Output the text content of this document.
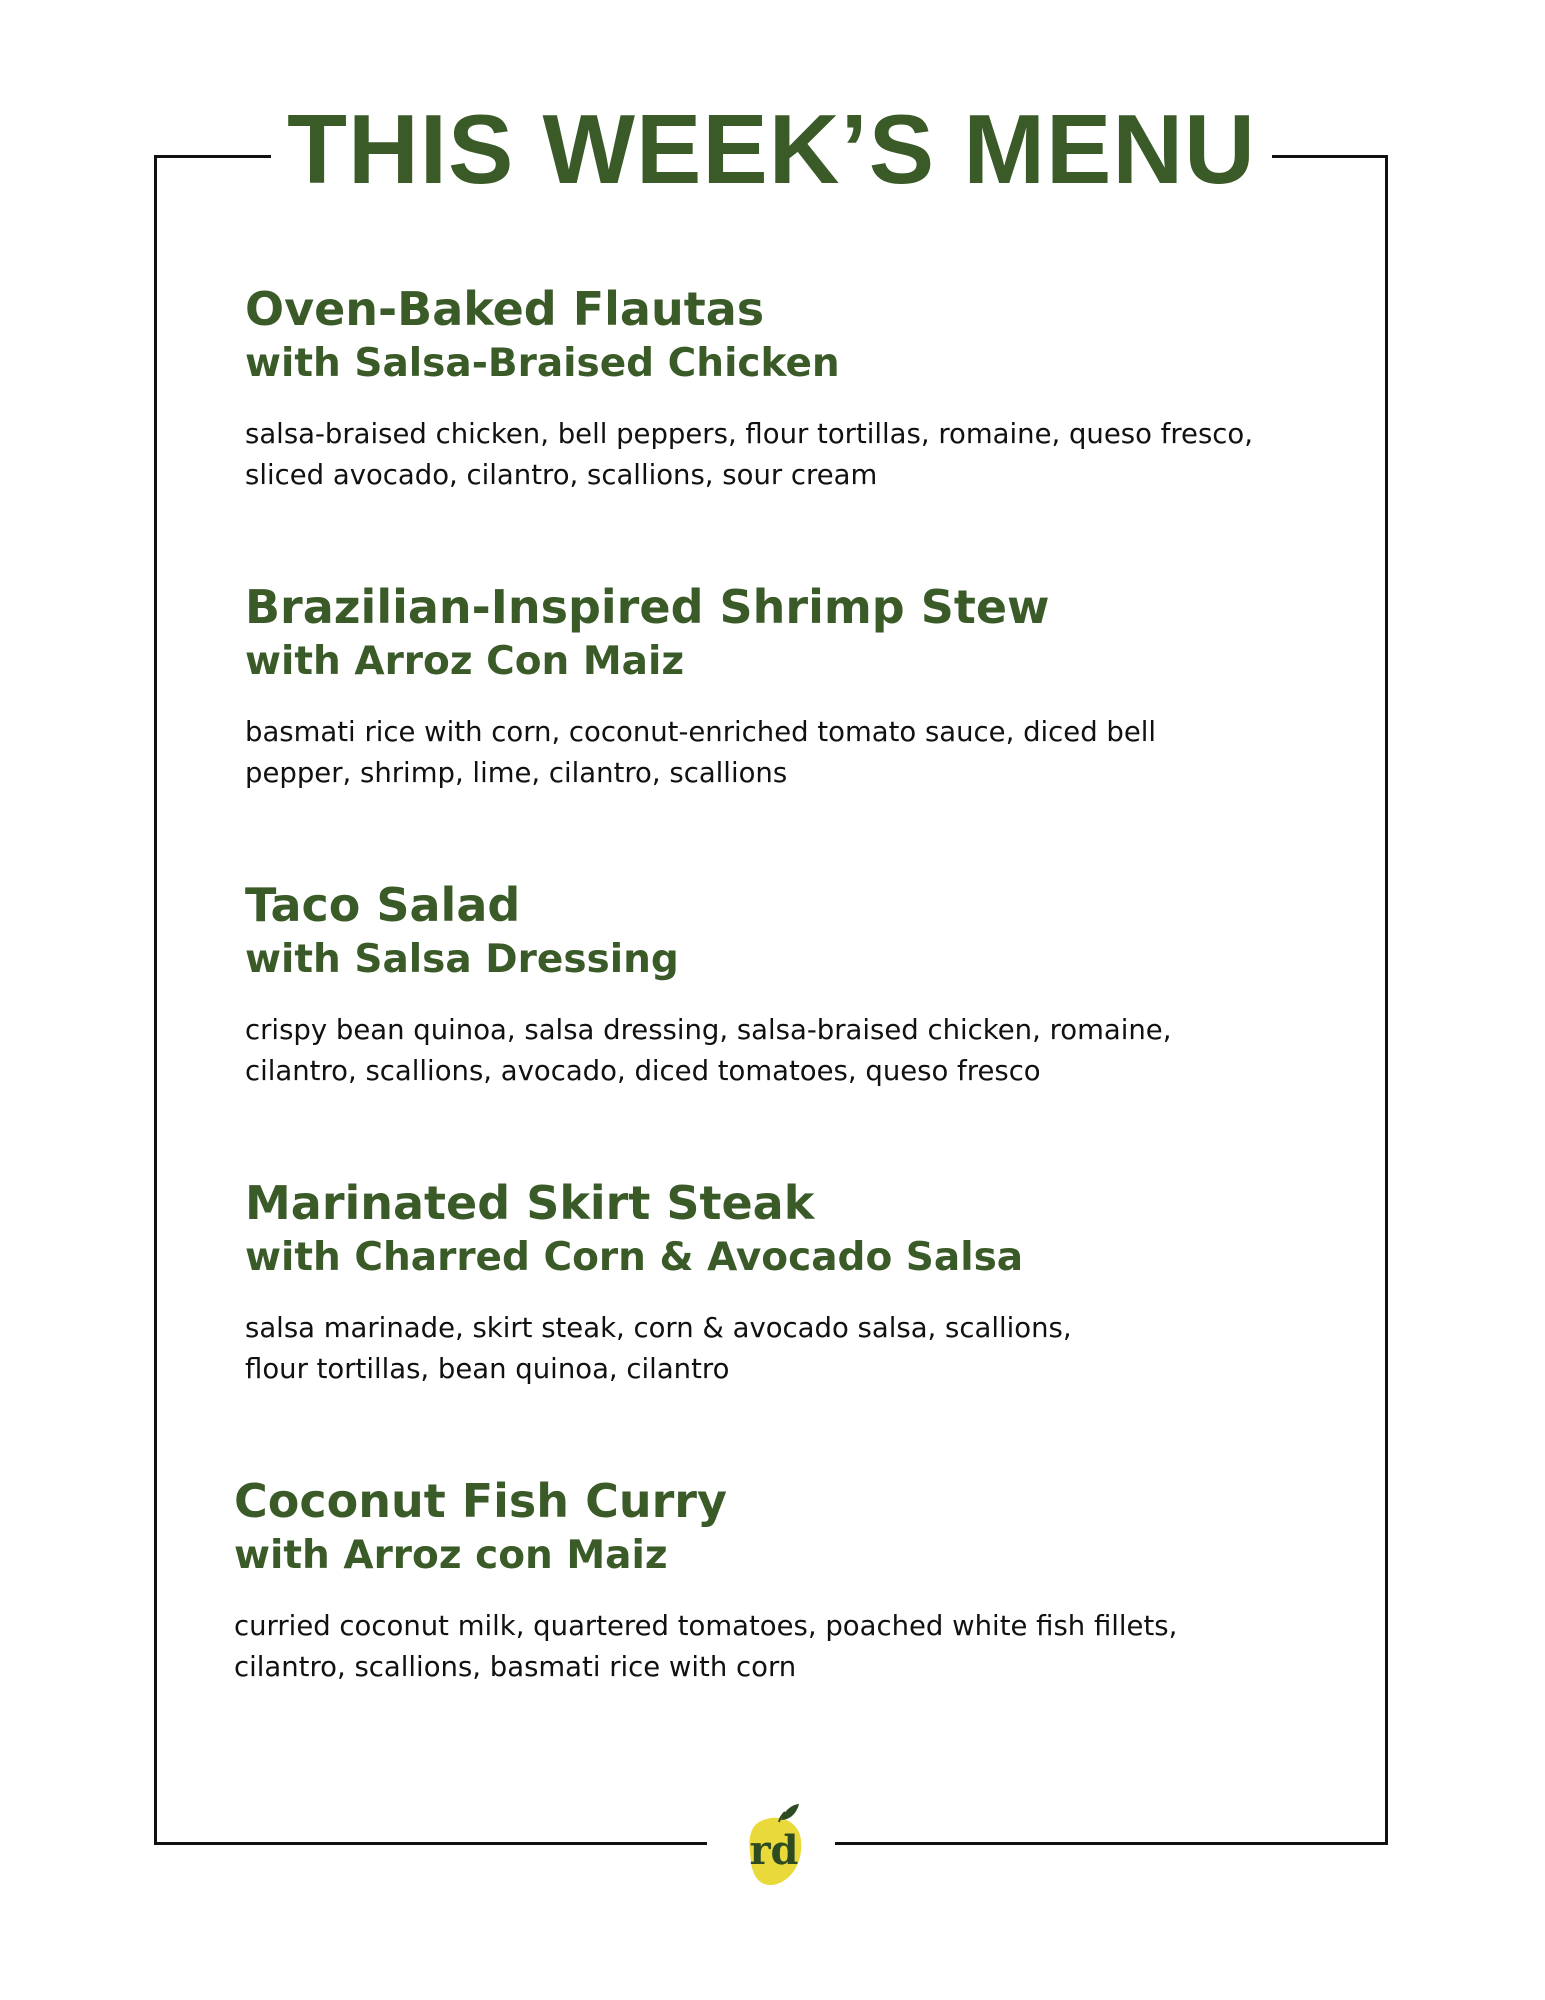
THIS WEEK’S MENU
Oven-Baked Flautas
with Salsa-Braised Chicken
salsa-braised chicken, bell peppers, flour tortillas, romaine, queso fresco,
sliced avocado, cilantro, scallions, sour cream
Brazilian-Inspired Shrimp Stew
with Arroz Con Maiz
basmati rice with corn, coconut-enriched tomato sauce, diced bell
pepper, shrimp, lime, cilantro, scallions
Taco Salad
with Salsa Dressing
crispy bean quinoa, salsa dressing, salsa-braised chicken, romaine,
cilantro, scallions, avocado, diced tomatoes, queso fresco
Marinated Skirt Steak
with Charred Corn & Avocado Salsa
salsa marinade, skirt steak, corn & avocado salsa, scallions,
flour tortillas, bean quinoa, cilantro
Coconut Fish Curry
with Arroz con Maiz
curried coconut milk, quartered tomatoes, poached white fish fillets,
cilantro, scallions, basmati rice with corn
rd
